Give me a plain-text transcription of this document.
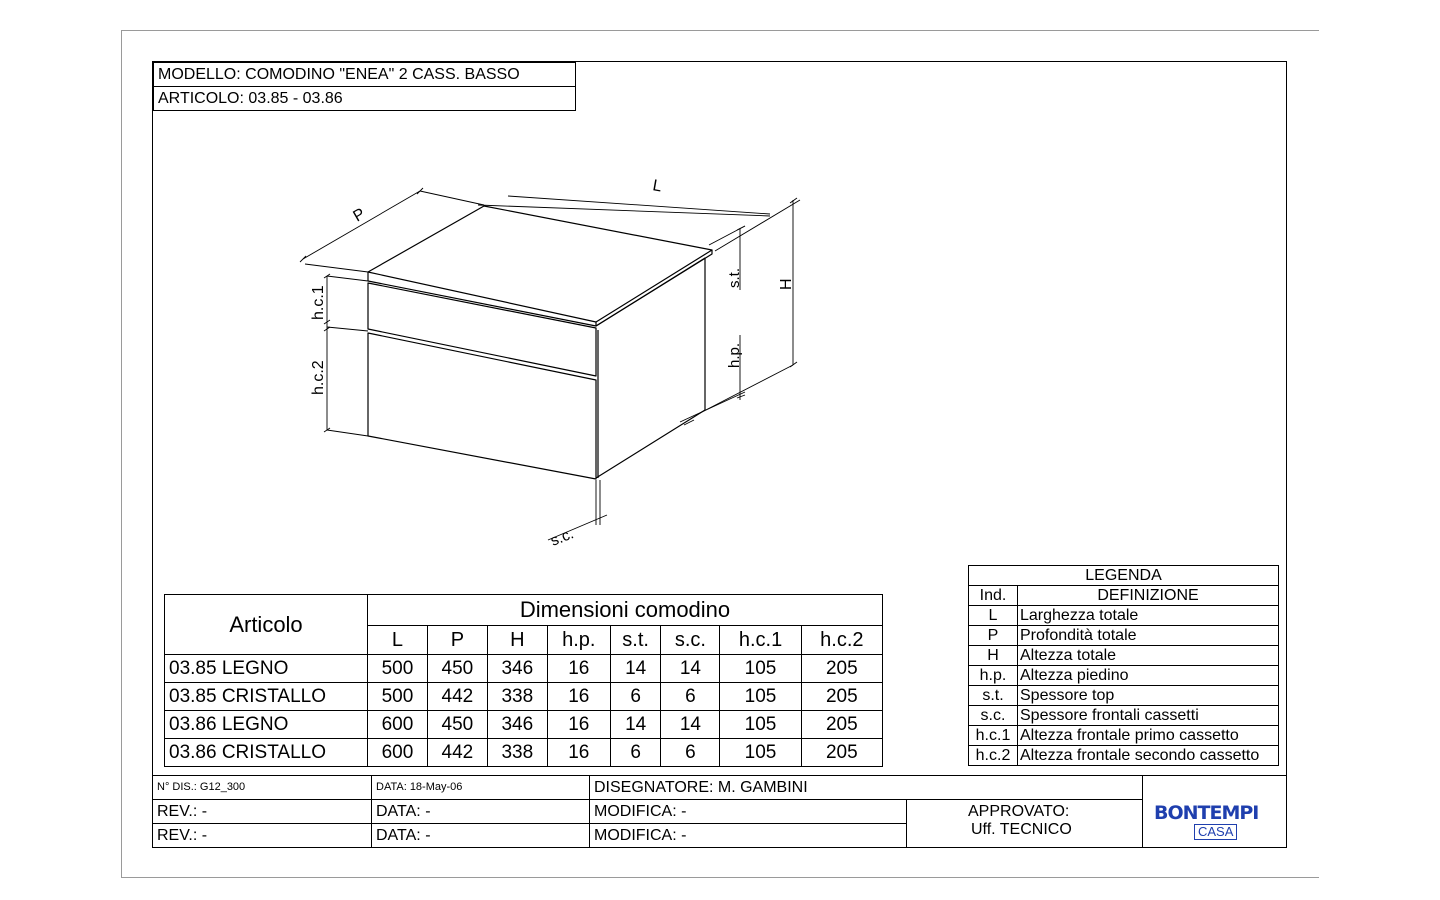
MODELLO: COMODINO "ENEA" 2 CASS. BASSO
ARTICOLO: 03.85 - 03.86
P
L
s.t. H
h.p.
h.c.1
h.c.2
s.c.
Articolo	Dimensioni comodino							
	L	P	H	h.p.	s.t.	s.c.	h.c.1	h.c.2
03.85 LEGNO	500	450	346	16	14	14	105	205
03.85 CRISTALLO	500	442	338	16	6	6	105	205
03.86 LEGNO	600	450	346	16	14	14	105	205
03.86 CRISTALLO	600	442	338	16	6	6	105	205
LEGENDA	
Ind.	DEFINIZIONE
L	Larghezza totale
P	Profondità totale
H	Altezza totale
h.p.	Altezza piedino
s.t.	Spessore top
s.c.	Spessore frontali cassetti
h.c.1	Altezza frontale primo cassetto
h.c.2	Altezza frontale secondo cassetto
N° DIS.: G12_300	DATA: 18-May-06	DISEGNATORE: M. GAMBINI
REV.: -	DATA: -	MODIFICA: -
REV.: -	DATA: -	MODIFICA: -
APPROVATO:
Uff. TECNICO
BONTEMPI
CASA
